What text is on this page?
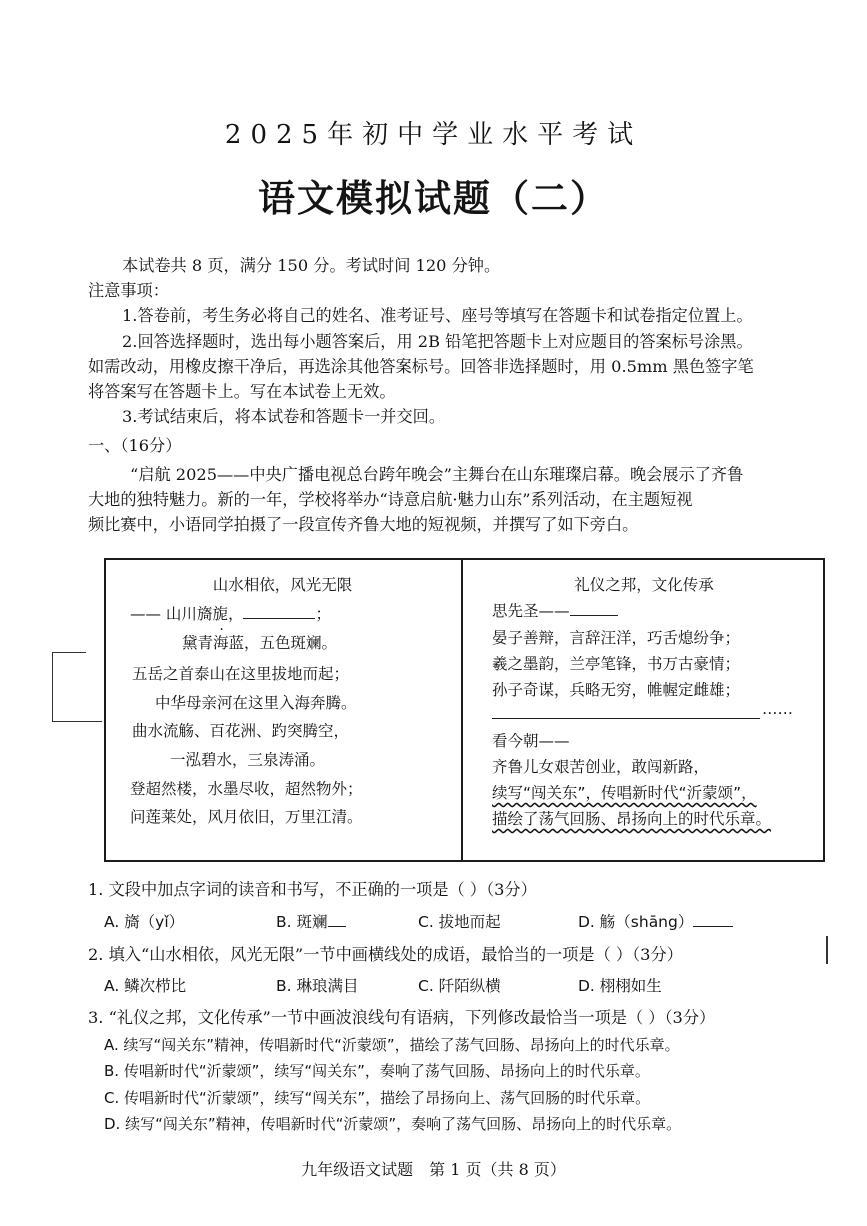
2025年初中学业水平考试
语文模拟试题（二）
本试卷共 8 页，满分 150 分。考试时间 120 分钟。
注意事项：
1.答卷前，考生务必将自己的姓名、准考证号、座号等填写在答题卡和试卷指定位置上。
2.回答选择题时，选出每小题答案后，用 2B 铅笔把答题卡上对应题目的答案标号涂黑。
如需改动，用橡皮擦干净后，再选涂其他答案标号。回答非选择题时，用 0.5mm 黑色签字笔
将答案写在答题卡上。写在本试卷上无效。
3.考试结束后，将本试卷和答题卡一并交回。
一、（16分）
“启航 2025——中央广播电视总台跨年晚会”主舞台在山东璀璨启幕。晚会展示了齐鲁
大地的独特魅力。新的一年，学校将举办“诗意启航·魅力山东”系列活动，在主题短视
频比赛中，小语同学拍摄了一段宣传齐鲁大地的短视频，并撰写了如下旁白。
山水相依，风光无限
—— 山川旖旎，	；
黛青海蓝，五色斑斓。
五岳之首泰山在这里拔地而起；
中华母亲河在这里入海奔腾。
曲水流觞、百花洲、趵突腾空，
一泓碧水，三泉涛涌。
登超然楼，水墨尽收，超然物外；
问莲莱处，风月依旧，万里江清。
礼仪之邦，文化传承
思先圣——
晏子善辩，言辞汪洋，巧舌熄纷争；
羲之墨韵，兰亭笔锋，书万古豪情；
孙子奇谋，兵略无穷，帷幄定雌雄；
……
看今朝——
齐鲁儿女艰苦创业，敢闯新路，
续写“闯关东”，传唱新时代“沂蒙颂”，
描绘了荡气回肠、昂扬向上的时代乐章。
1. 文段中加点字词的读音和书写，不正确的一项是（ ）（3分）
A. 旖（yǐ）	B. 斑斓	C. 拔地而起	D. 觞（shāng）
2. 填入“山水相依，风光无限”一节中画横线处的成语，最恰当的一项是（ ）（3分）
A. 鳞次栉比	B. 琳琅满目	C. 阡陌纵横	D. 栩栩如生
3. “礼仪之邦，文化传承”一节中画波浪线句有语病，下列修改最恰当一项是（ ）（3分）
A. 续写“闯关东”精神，传唱新时代“沂蒙颂”，描绘了荡气回肠、昂扬向上的时代乐章。
B. 传唱新时代“沂蒙颂”，续写“闯关东”，奏响了荡气回肠、昂扬向上的时代乐章。
C. 传唱新时代“沂蒙颂”，续写“闯关东”，描绘了昂扬向上、荡气回肠的时代乐章。
D. 续写“闯关东”精神，传唱新时代“沂蒙颂”，奏响了荡气回肠、昂扬向上的时代乐章。
九年级语文试题　第 1 页（共 8 页）
